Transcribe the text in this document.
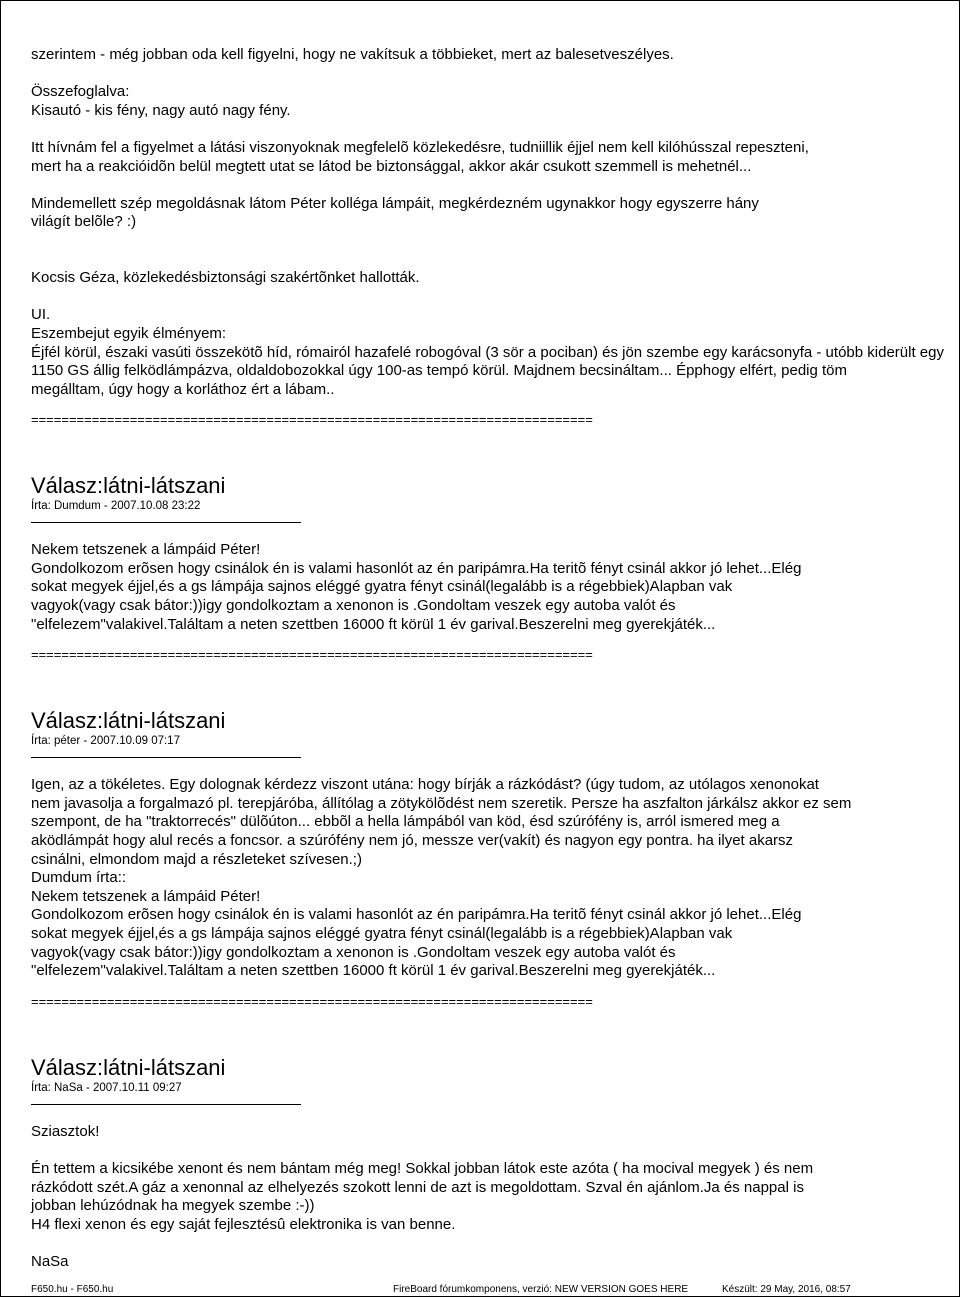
szerintem - még jobban oda kell figyelni, hogy ne vakítsuk a többieket, mert az balesetveszélyes.
Összefoglalva:
Kisautó - kis fény, nagy autó nagy fény.
Itt hívnám fel a figyelmet a látási viszonyoknak megfelelõ közlekedésre, tudniillik éjjel nem kell kilóhússzal repeszteni,
mert ha a reakcióidõn belül megtett utat se látod be biztonsággal, akkor akár csukott szemmell is mehetnél...
Mindemellett szép megoldásnak látom Péter kolléga lámpáit, megkérdezném ugynakkor hogy egyszerre hány
világít belõle? :)
Kocsis Géza, közlekedésbiztonsági szakértõnket hallották.
UI.
Eszembejut egyik élményem:
Éjfél körül, északi vasúti összekötõ híd, rómairól hazafelé robogóval (3 sör a pociban) és jön szembe egy karácsonyfa - utóbb kiderült egy
1150 GS állig felködlámpázva, oldaldobozokkal úgy 100-as tempó körül. Majdnem becsináltam... Épphogy elfért, pedig töm
megálltam, úgy hogy a korláthoz ért a lábam..
==========================================================================
Válasz:látni-látszani
Írta: Dumdum - 2007.10.08 23:22
Nekem tetszenek a lámpáid Péter!
Gondolkozom erõsen hogy csinálok én is valami hasonlót az én paripámra.Ha teritõ fényt csinál akkor jó lehet...Elég
sokat megyek éjjel,és a gs lámpája sajnos eléggé gyatra fényt csinál(legalább is a régebbiek)Alapban vak
vagyok(vagy csak bátor:))igy gondolkoztam a xenonon is .Gondoltam veszek egy autoba valót és
"elfelezem"valakivel.Találtam a neten szettben 16000 ft körül 1 év garival.Beszerelni meg gyerekjáték...
==========================================================================
Válasz:látni-látszani
Írta: péter - 2007.10.09 07:17
Igen, az a tökéletes. Egy dolognak kérdezz viszont utána: hogy bírják a rázkódást? (úgy tudom, az utólagos xenonokat
nem javasolja a forgalmazó pl. terepjáróba, állítólag a zötykölõdést nem szeretik. Persze ha aszfalton járkálsz akkor ez sem
szempont, de ha "traktorrecés" dülõúton... ebbõl a hella lámpából van köd, ésd szúrófény is, arról ismered meg a
aködlámpát hogy alul recés a foncsor. a szúrófény nem jó, messze ver(vakít) és nagyon egy pontra. ha ilyet akarsz
csinálni, elmondom majd a részleteket szívesen.;)
Dumdum írta::
Nekem tetszenek a lámpáid Péter!
Gondolkozom erõsen hogy csinálok én is valami hasonlót az én paripámra.Ha teritõ fényt csinál akkor jó lehet...Elég
sokat megyek éjjel,és a gs lámpája sajnos eléggé gyatra fényt csinál(legalább is a régebbiek)Alapban vak
vagyok(vagy csak bátor:))igy gondolkoztam a xenonon is .Gondoltam veszek egy autoba valót és
"elfelezem"valakivel.Találtam a neten szettben 16000 ft körül 1 év garival.Beszerelni meg gyerekjáték...
==========================================================================
Válasz:látni-látszani
Írta: NaSa - 2007.10.11 09:27
Sziasztok!
Én tettem a kicsikébe xenont és nem bántam még meg! Sokkal jobban látok este azóta ( ha mocival megyek ) és nem
rázkódott szét.A gáz a xenonnal az elhelyezés szokott lenni de azt is megoldottam. Szval én ajánlom.Ja és nappal is
jobban lehúzódnak ha megyek szembe :-))
H4 flexi xenon és egy saját fejlesztésû elektronika is van benne.
NaSa
F650.hu - F650.hu	FireBoard fórumkomponens, verzió: NEW VERSION GOES HERE	Készült: 29 May, 2016, 08:57
